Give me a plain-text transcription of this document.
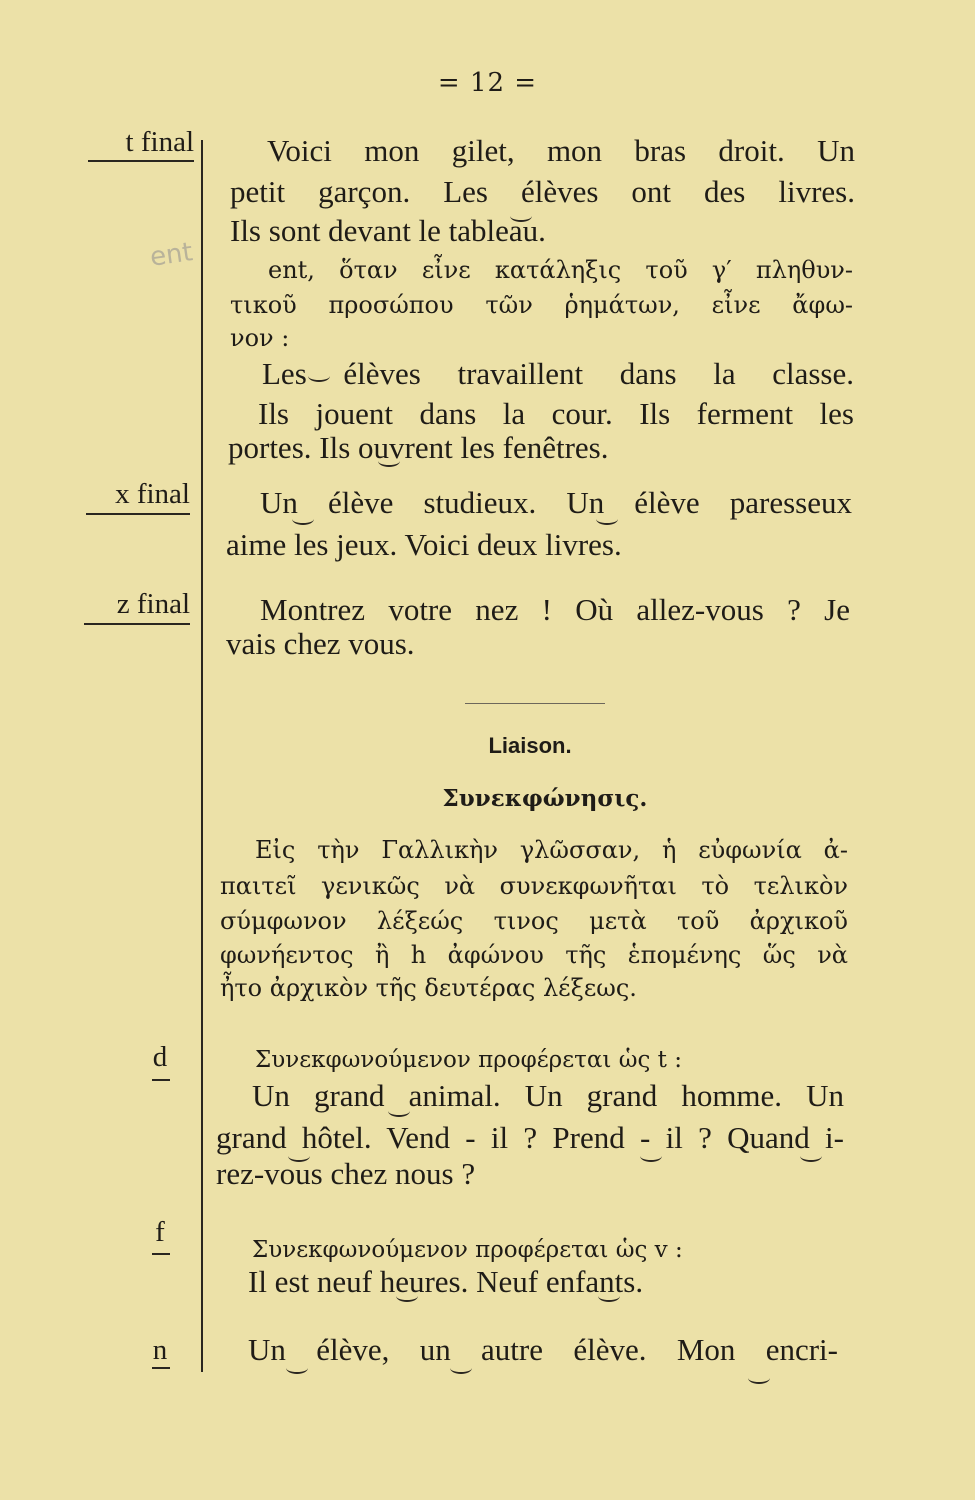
= 12 =
t final
ent
x final
z final
d
f
n
Voici mon gilet, mon bras droit. Un
petit garçon. Les élèves ont des livres.
Ils sont devant le tableau.
ent, ὅταν εἶνε κατάληξις τοῦ γ′ πληθυν-
τικοῦ προσώπου τῶν ῥημάτων, εἶνε ἄφω-
νον :
Les élèves travaillent dans la classe.
Ils jouent dans la cour. Ils ferment les
portes. Ils ouvrent les fenêtres.
Un élève studieux. Un élève paresseux
aime les jeux. Voici deux livres.
Montrez votre nez ! Où allez-vous ? Je
vais chez vous.
Liaison.
Συνεκφώνησις.
Εἰς τὴν Γαλλικὴν γλῶσσαν, ἡ εὐφωνία ἀ-
παιτεῖ γενικῶς νὰ συνεκφωνῆται τὸ τελικὸν
σύμφωνον λέξεώς τινος μετὰ τοῦ ἀρχικοῦ
φωνήεντος ἢ h ἀφώνου τῆς ἑπομένης ὥς νὰ
ἦτο ἀρχικὸν τῆς δευτέρας λέξεως.
Συνεκφωνούμενον προφέρεται ὡς t :
Un grand animal. Un grand homme. Un
grand hôtel. Vend - il ? Prend - il ? Quand i-
rez-vous chez nous ?
Συνεκφωνούμενον προφέρεται ὡς v :
Il est neuf heures. Neuf enfants.
Un élève, un autre élève. Mon encri-
